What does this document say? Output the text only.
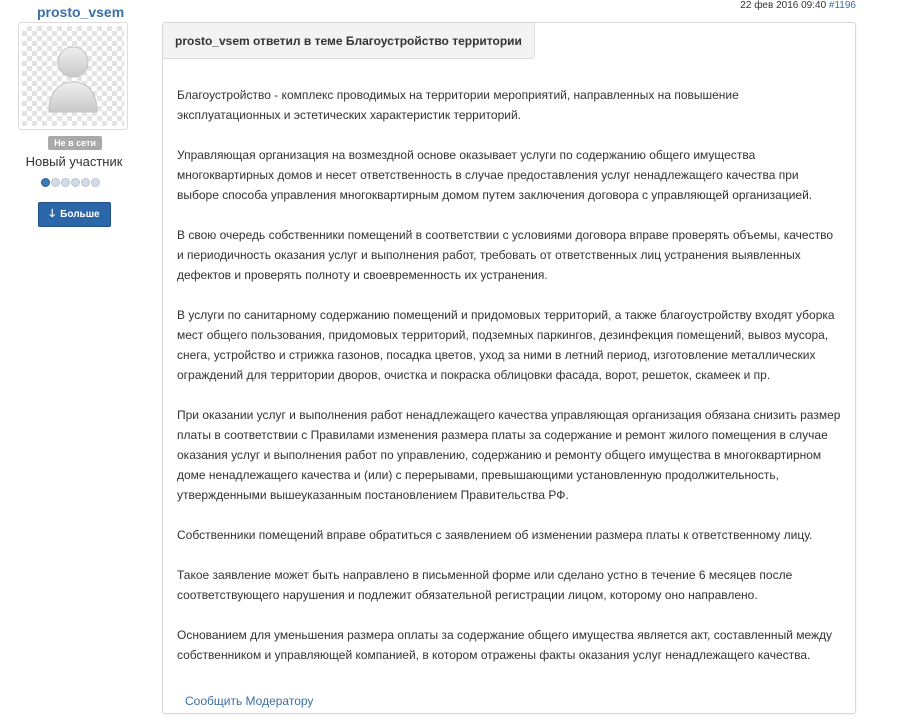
prosto_vsem
Не в сети
Новый участник
🡓 Больше
22 фев 2016 09:40 #1196
prosto_vsem ответил в теме Благоустройство территории

Благоустройство - комплекс проводимых на территории мероприятий, направленных на повышение эксплуатационных и эстетических характеристик территорий.

Управляющая организация на возмездной основе оказывает услуги по содержанию общего имущества многоквартирных домов и несет ответственность в случае предоставления услуг ненадлежащего качества при выборе способа управления многоквартирным домом путем заключения договора с управляющей организацией.

В свою очередь собственники помещений в соответствии с условиями договора вправе проверять объемы, качество и периодичность оказания услуг и выполнения работ, требовать от ответственных лиц устранения выявленных дефектов и проверять полноту и своевременность их устранения.

В услуги по санитарному содержанию помещений и придомовых территорий, а также благоустройству входят уборка мест общего пользования, придомовых территорий, подземных паркингов, дезинфекция помещений, вывоз мусора, снега, устройство и стрижка газонов, посадка цветов, уход за ними в летний период, изготовление металлических ограждений для территории дворов, очистка и покраска облицовки фасада, ворот, решеток, скамеек и пр.

При оказании услуг и выполнения работ ненадлежащего качества управляющая организация обязана снизить размер платы в соответствии с Правилами изменения размера платы за содержание и ремонт жилого помещения в случае оказания услуг и выполнения работ по управлению, содержанию и ремонту общего имущества в многоквартирном доме ненадлежащего качества и (или) с перерывами, превышающими установленную продолжительность, утвержденными вышеуказанным постановлением Правительства РФ.

Собственники помещений вправе обратиться с заявлением об изменении размера платы к ответственному лицу.

Такое заявление может быть направлено в письменной форме или сделано устно в течение 6 месяцев после соответствующего нарушения и подлежит обязательной регистрации лицом, которому оно направлено.

Основанием для уменьшения размера оплаты за содержание общего имущества является акт, составленный между собственником и управляющей компанией, в котором отражены факты оказания услуг ненадлежащего качества.

Сообщить Модератору
